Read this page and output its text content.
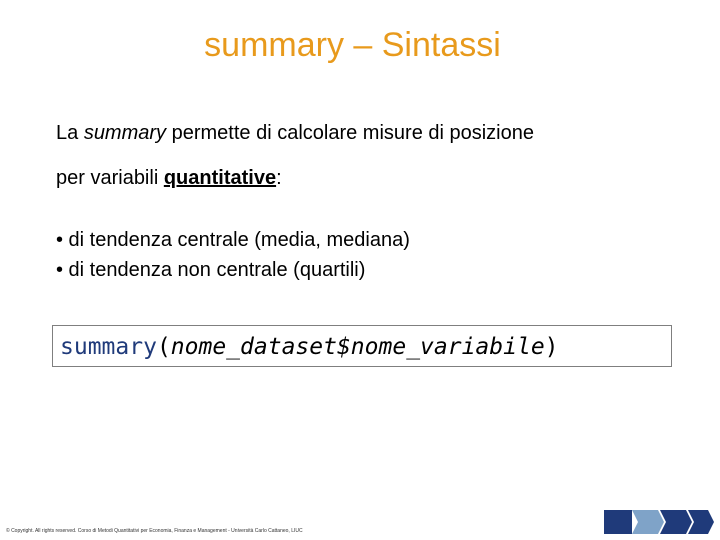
summary – Sintassi
La summary permette di calcolare misure di posizione
per variabili quantitative:
• di tendenza centrale (media, mediana)
• di tendenza non centrale (quartili)
summary(nome_dataset$nome_variabile)
© Copyright. All rights reserved. Corso di Metodi Quantitativi per Economia, Finanza e Management - Università Carlo Cattaneo, LIUC
